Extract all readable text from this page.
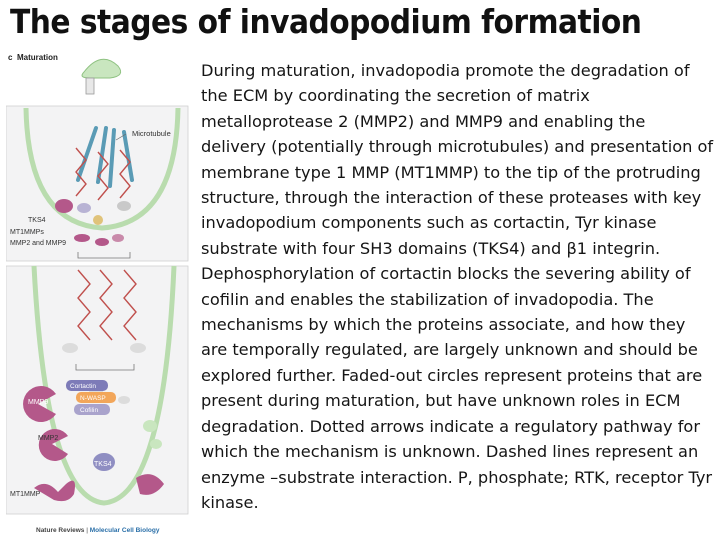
The stages of invadopodium formation
c Maturation
Microtubule
TKS4
MT1MMPs
MMP2 and MMP9
Cortactin
N-WASP
Cofilin
MMP9
MMP2
TKS4
MT1MMP
Nature Reviews | Molecular Cell Biology
During maturation, invadopodia promote the degradation of the ECM by coordinating the secretion of matrix metalloprotease 2 (MMP2) and MMP9 and enabling the delivery (potentially through microtubules) and presentation of membrane type 1 MMP (MT1MMP) to the tip of the protruding structure, through the interaction of these proteases with key invadopodium components such as cortactin, Tyr kinase substrate with four SH3 domains (TKS4) and β1 integrin. Dephosphorylation of cortactin blocks the severing ability of cofilin and enables the stabilization of invadopodia. The mechanisms by which the proteins associate, and how they are temporally regulated, are largely unknown and should be explored further. Faded-out circles represent proteins that are present during maturation, but have unknown roles in ECM degradation. Dotted arrows indicate a regulatory pathway for which the mechanism is unknown. Dashed lines represent an enzyme –substrate interaction. P, phosphate; RTK, receptor Tyr kinase.
